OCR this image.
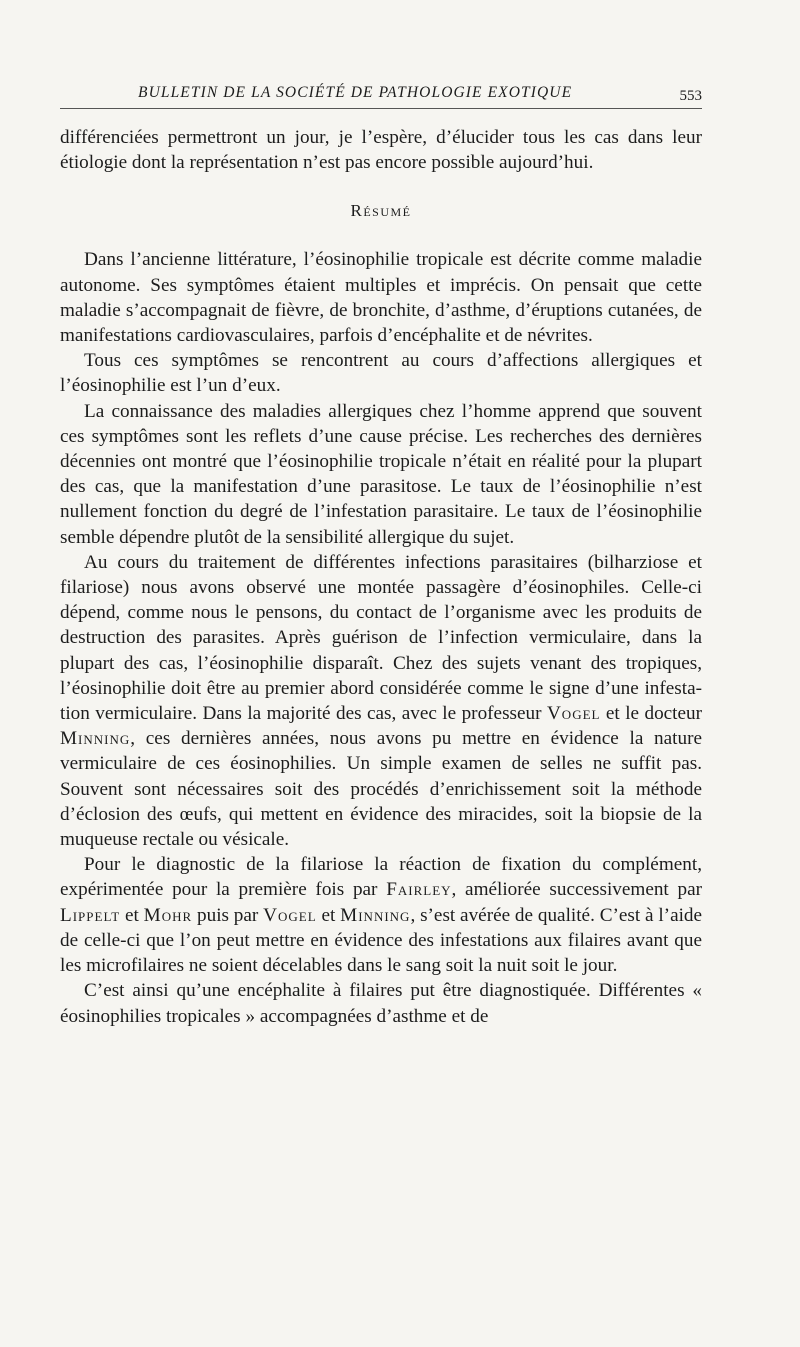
BULLETIN DE LA SOCIÉTÉ DE PATHOLOGIE EXOTIQUE	553

différenciées permettront un jour, je l’espère, d’élucider tous les cas dans leur étiologie dont la représentation n’est pas encore possible aujourd’hui.

Résumé

Dans l’ancienne littérature, l’éosinophilie tropicale est décrite comme maladie autonome. Ses symptômes étaient multiples et imprécis. On pensait que cette maladie s’accompagnait de fièvre, de bronchite, d’asthme, d’éruptions cutanées, de manifestations cardiovasculaires, parfois d’encéphalite et de névrites.

Tous ces symptômes se rencontrent au cours d’affections allergiques et l’éosinophilie est l’un d’eux.

La connaissance des maladies allergiques chez l’homme apprend que souvent ces symptômes sont les reflets d’une cause précise. Les recherches des dernières décennies ont montré que l’éosinophilie tropicale n’était en réalité pour la plupart des cas, que la manifestation d’une parasitose. Le taux de l’éosinophilie n’est nullement fonction du degré de l’infestation parasitaire. Le taux de l’éosinophilie semble dépendre plutôt de la sensibilité allergique du sujet.

Au cours du traitement de différentes infections parasitaires (bilharziose et filariose) nous avons observé une montée passagère d’éosinophiles. Celle-ci dépend, comme nous le pensons, du contact de l’organisme avec les produits de destruction des parasites. Après guérison de l’infection vermiculaire, dans la plupart des cas, l’éosinophilie disparaît. Chez des sujets venant des tropiques, l’éosinophilie doit être au premier abord considérée comme le signe d’une infestation vermiculaire. Dans la majorité des cas, avec le professeur Vogel et le docteur Minning, ces dernières années, nous avons pu mettre en évidence la nature vermiculaire de ces éosinophilies. Un simple examen de selles ne suffit pas. Souvent sont nécessaires soit des procédés d’enrichissement soit la méthode d’éclosion des œufs, qui mettent en évidence des miracides, soit la biopsie de la muqueuse rectale ou vésicale.

Pour le diagnostic de la filariose la réaction de fixation du complément, expérimentée pour la première fois par Fairley, améliorée successivement par Lippelt et Mohr puis par Vogel et Minning, s’est avérée de qualité. C’est à l’aide de celle-ci que l’on peut mettre en évidence des infestations aux filaires avant que les microfilaires ne soient décelables dans le sang soit la nuit soit le jour.

C’est ainsi qu’une encéphalite à filaires put être diagnostiquée. Différentes « éosinophilies tropicales » accompagnées d’asthme et de
